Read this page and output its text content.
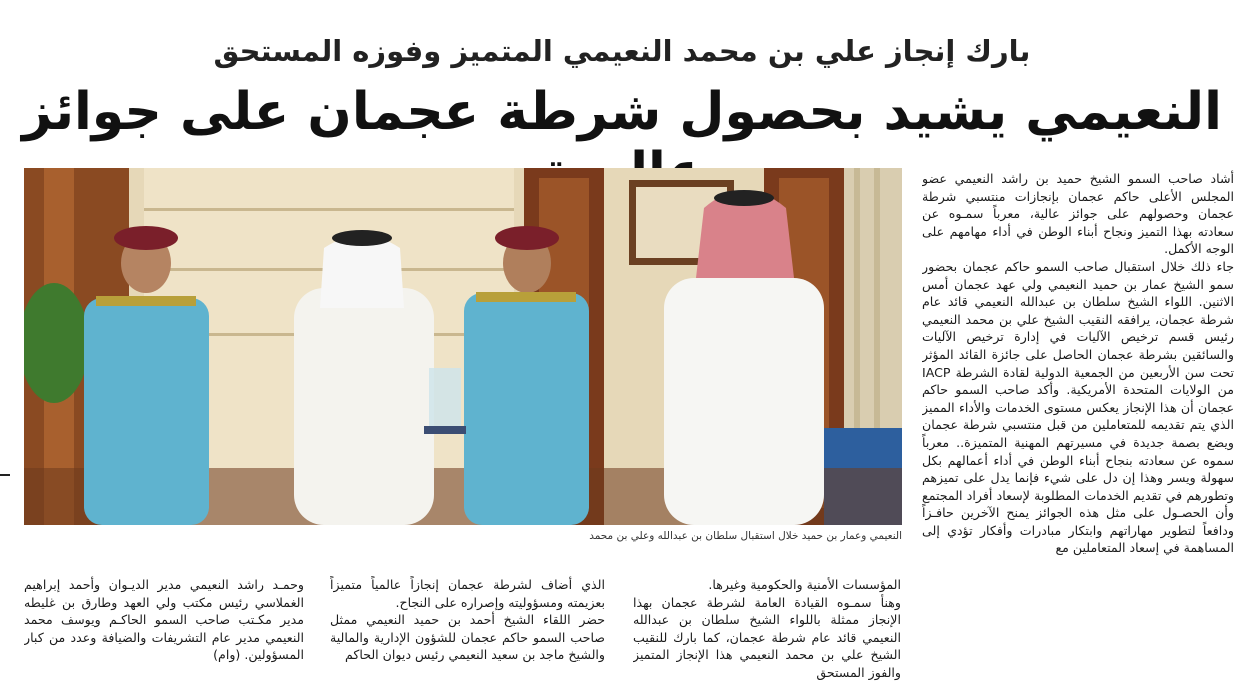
بارك إنجاز علي بن محمد النعيمي المتميز وفوزه المستحق
النعيمي يشيد بحصول شرطة عجمان على جوائز
النعيمي وعمار بن حميد خلال استقبال سلطان بن عبدالله وعلي بن محمد

أشاد صاحب السمو الشيخ حميد بن راشد النعيمي عضو المجلس الأعلى حاكم عجمان بإنجازات منتسبي شرطة عجمان وحصولهم على جوائز عالية، معرباً سمـوه عن سعادته بهذا التميز ونجاح أبناء الوطن في أداء مهامهم على الوجه الأكمل.

جاء ذلك خلال استقبال صاحب السمو حاكم عجمان بحضور سمو الشيخ عمار بن حميد النعيمي ولي عهد عجمان أمس الاثنين. اللواء الشيخ سلطان بن عبدالله النعيمي قائد عام شرطة عجمان، يرافقه النقيب الشيخ علي بن محمد النعيمي رئيس قسم ترخيص الآليات في إدارة ترخيص الآليات والسائقين بشرطة عجمان الحاصل على جائزة القائد المؤثر تحت سن الأربعين من الجمعية الدولية لقادة الشرطة IACP من الولايات المتحدة الأمريكية. وأكد صاحب السمو حاكم عجمان أن هذا الإنجاز يعكس مستوى الخدمات والأداء المميز الذي يتم تقديمه للمتعاملين من قبل منتسبي شرطة عجمان ويضع بصمة جديدة في مسيرتهم المهنية المتميزة.. معرباً سموه عن سعادته بنجاح أبناء الوطن في أداء أعمالهم بكل سهولة ويسر وهذا إن دل على شيء فإنما يدل على تميزهم وتطورهم في تقديم الخدمات المطلوبة لإسعاد أفراد المجتمع وأن الحصـول على مثل هذه الجوائز يمنح الآخرين حافـزاً ودافعاً لتطوير مهاراتهم وابتكار مبادرات وأفكار تؤدي إلى المساهمة في إسعاد المتعاملين مع

المؤسسات الأمنية والحكومية وغيرها.

وهنأ سمـوه القيادة العامة لشرطة عجمان بهذا الإنجاز ممثلة باللواء الشيخ سلطان بن عبدالله النعيمي قائد عام شرطة عجمان، كما بارك للنقيب الشيخ علي بن محمد النعيمي هذا الإنجاز المتميز والفوز المستحق

الذي أضاف لشرطة عجمان إنجازاً عالمياً متميزاً بعزيمته ومسؤوليته وإصراره على النجاح.

حضر اللقاء الشيخ أحمد بن حميد النعيمي ممثل صاحب السمو حاكم عجمان للشؤون الإدارية والمالية والشيخ ماجد بن سعيد النعيمي رئيس ديوان الحاكم

وحمـد راشد النعيمي مدير الديـوان وأحمد إبراهيم الغملاسي رئيس مكتب ولي العهد وطارق بن غليطه مدير مكـتب صاحب السمو الحاكـم ويوسف محمد النعيمي مدير عام التشريفات والضيافة وعدد من كبار المسؤولين. (وام)
